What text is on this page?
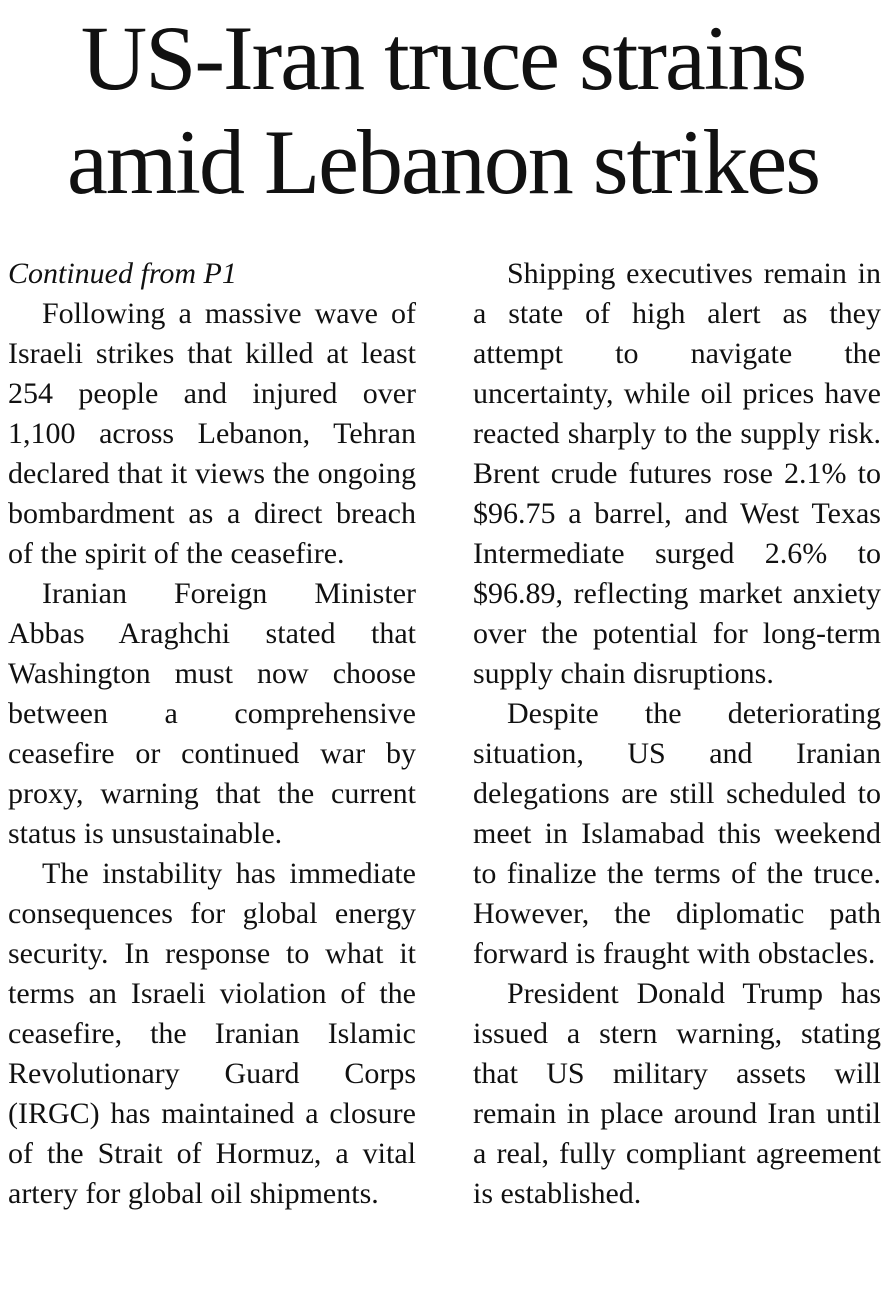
US-Iran truce strains
amid Lebanon strikes

Continued from P1

Following a massive wave of Israeli strikes that killed at least 254 people and injured over 1,100 across Lebanon, Tehran declared that it views the ongoing bombardment as a direct breach of the spirit of the ceasefire.

Iranian Foreign Minister Abbas Araghchi stated that Washington must now choose between a comprehensive ceasefire or continued war by proxy, warning that the current status is unsustainable.

The instability has immediate consequences for global energy security. In response to what it terms an Israeli violation of the ceasefire, the Iranian Islamic Revolutionary Guard Corps (IRGC) has maintained a closure of the Strait of Hormuz, a vital artery for global oil shipments.

Shipping executives remain in a state of high alert as they attempt to navigate the uncertainty, while oil prices have reacted sharply to the supply risk. Brent crude futures rose 2.1% to $96.75 a barrel, and West Texas Intermediate surged 2.6% to $96.89, reflecting market anxiety over the potential for long-term supply chain disruptions.

Despite the deteriorating situation, US and Iranian delegations are still scheduled to meet in Islamabad this weekend to finalize the terms of the truce. However, the diplomatic path forward is fraught with obstacles.

President Donald Trump has issued a stern warning, stating that US military assets will remain in place around Iran until a real, fully compliant agreement is established.
